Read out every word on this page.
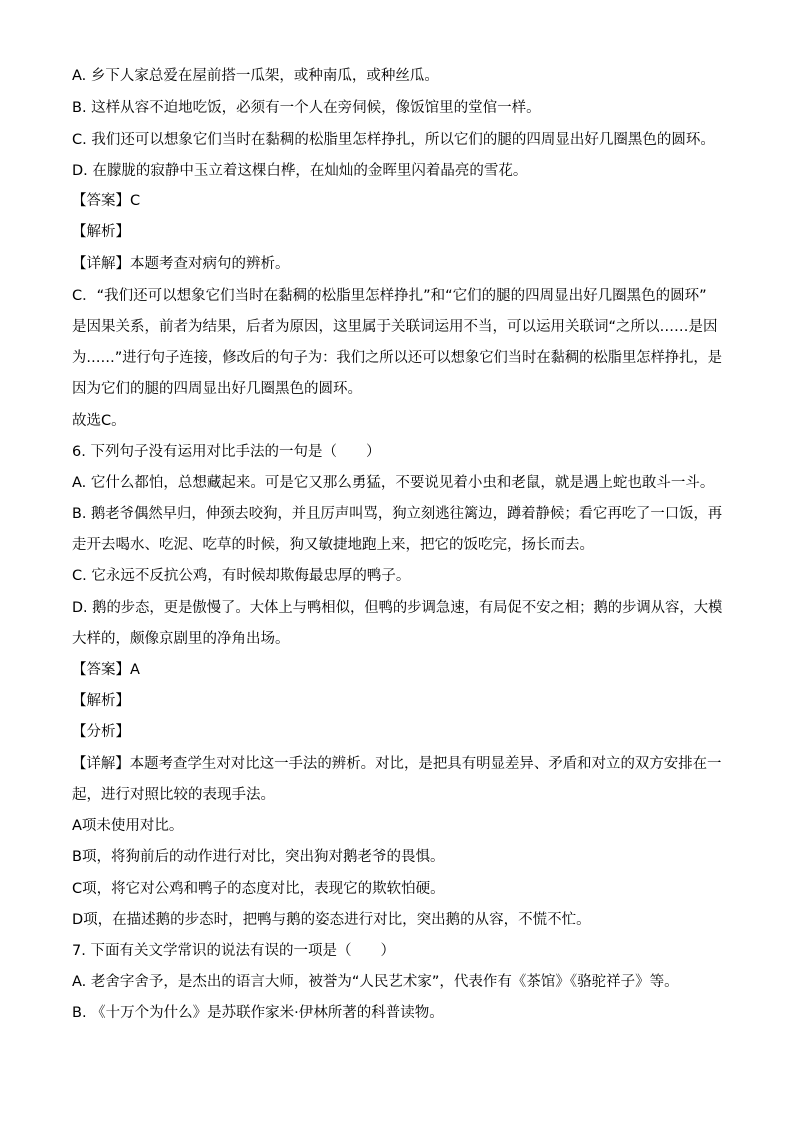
A. 乡下人家总爱在屋前搭一瓜架，或种南瓜，或种丝瓜。
B. 这样从容不迫地吃饭，必须有一个人在旁伺候，像饭馆里的堂倌一样。
C. 我们还可以想象它们当时在黏稠的松脂里怎样挣扎，所以它们的腿的四周显出好几圈黑色的圆环。
D. 在朦胧的寂静中玉立着这棵白桦，在灿灿的金晖里闪着晶亮的雪花。
【答案】C
【解析】
【详解】本题考查对病句的辨析。
C．“我们还可以想象它们当时在黏稠的松脂里怎样挣扎”和“它们的腿的四周显出好几圈黑色的圆环”
是因果关系，前者为结果，后者为原因，这里属于关联词运用不当，可以运用关联词“之所以……是因
为……”进行句子连接，修改后的句子为：我们之所以还可以想象它们当时在黏稠的松脂里怎样挣扎，是
因为它们的腿的四周显出好几圈黑色的圆环。
故选C。
6. 下列句子没有运用对比手法的一句是（　　）
A. 它什么都怕，总想藏起来。可是它又那么勇猛，不要说见着小虫和老鼠，就是遇上蛇也敢斗一斗。
B. 鹅老爷偶然早归，伸颈去咬狗，并且厉声叫骂，狗立刻逃往篱边，蹲着静候；看它再吃了一口饭，再
走开去喝水、吃泥、吃草的时候，狗又敏捷地跑上来，把它的饭吃完，扬长而去。
C. 它永远不反抗公鸡，有时候却欺侮最忠厚的鸭子。
D. 鹅的步态，更是傲慢了。大体上与鸭相似，但鸭的步调急速，有局促不安之相；鹅的步调从容，大模
大样的，颇像京剧里的净角出场。
【答案】A
【解析】
【分析】
【详解】本题考查学生对对比这一手法的辨析。对比，是把具有明显差异、矛盾和对立的双方安排在一
起，进行对照比较的表现手法。
A项未使用对比。
B项，将狗前后的动作进行对比，突出狗对鹅老爷的畏惧。
C项，将它对公鸡和鸭子的态度对比，表现它的欺软怕硬。
D项，在描述鹅的步态时，把鸭与鹅的姿态进行对比，突出鹅的从容，不慌不忙。
7. 下面有关文学常识的说法有误的一项是（　　）
A. 老舍字舍予，是杰出的语言大师，被誉为“人民艺术家”，代表作有《茶馆》《骆驼祥子》等。
B. 《十万个为什么》是苏联作家米·伊林所著的科普读物。
